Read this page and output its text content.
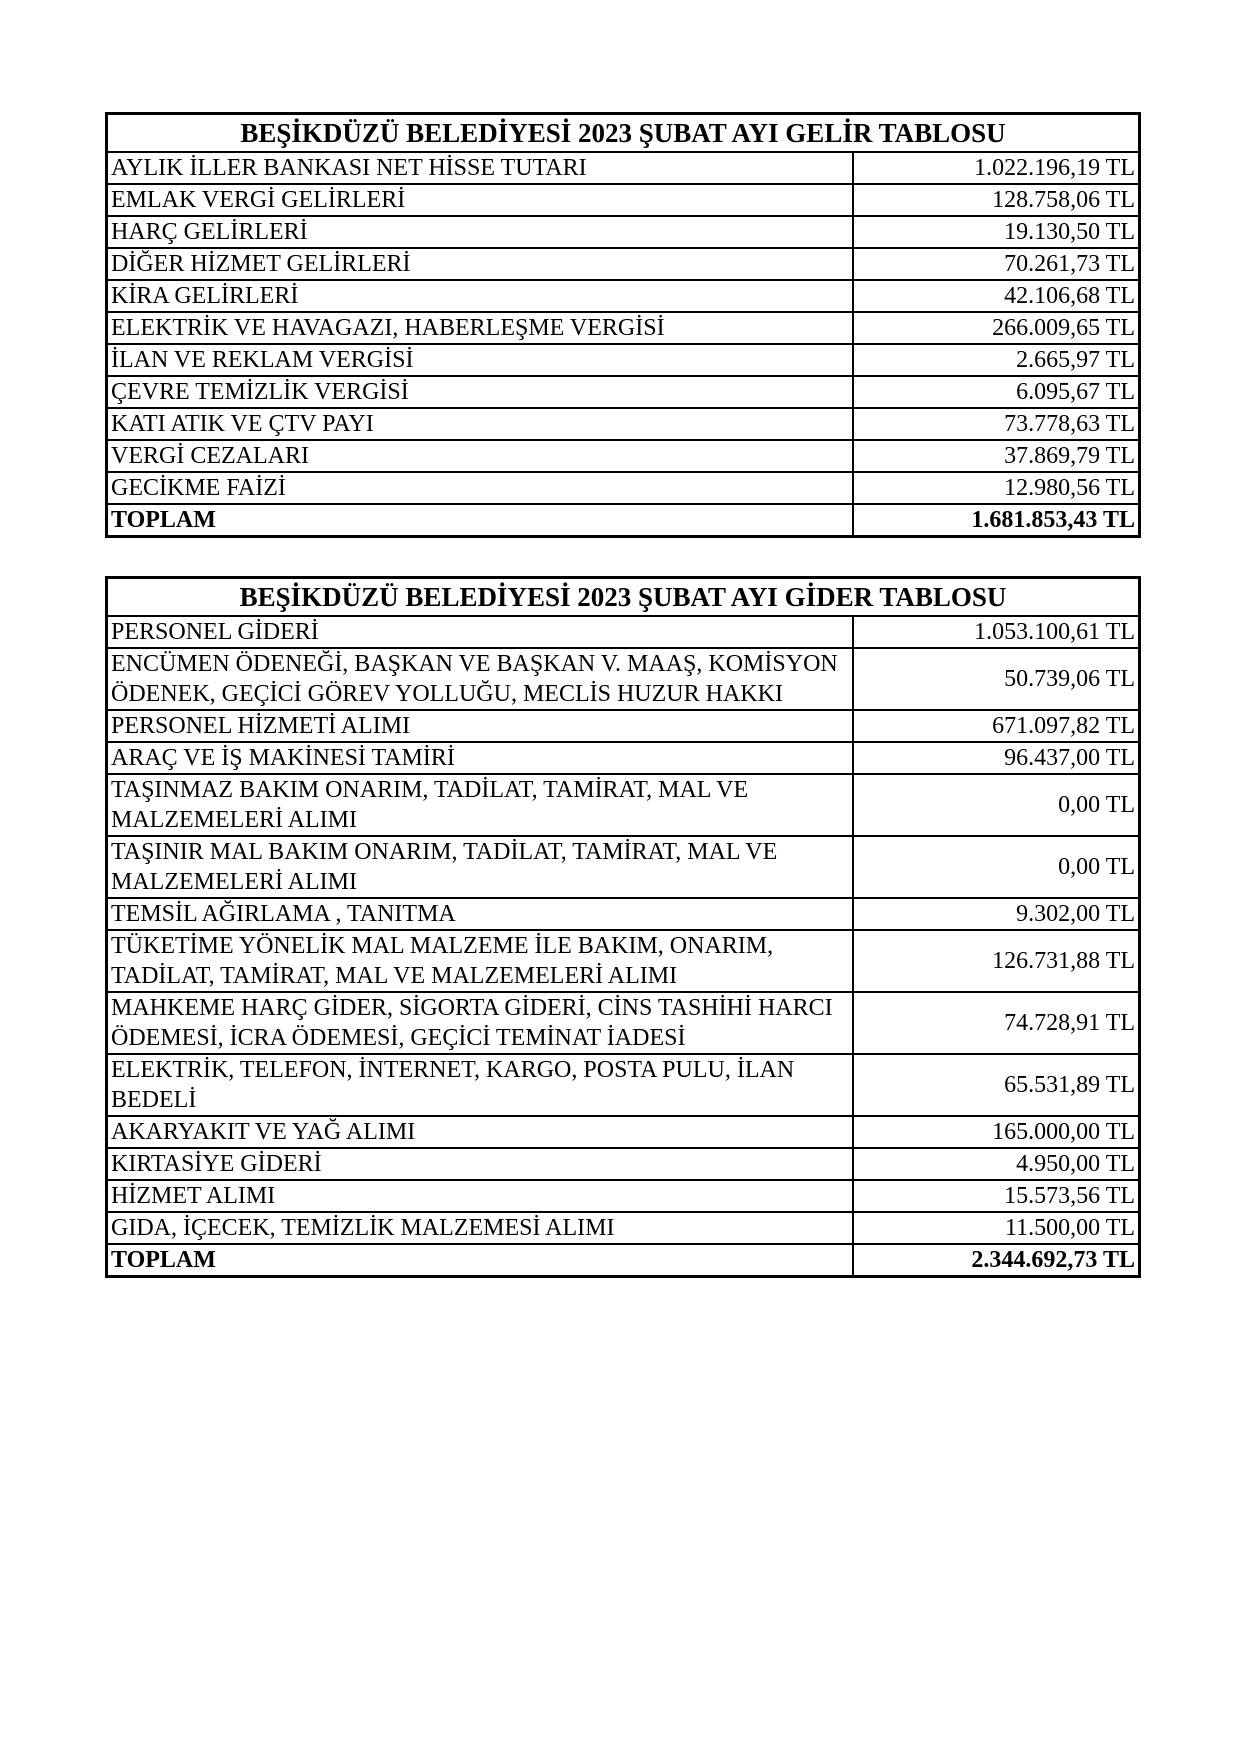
BEŞİKDÜZÜ BELEDİYESİ 2023 ŞUBAT AYI GELİR TABLOSU	
AYLIK İLLER BANKASI NET HİSSE TUTARI	1.022.196,19 TL
EMLAK VERGİ GELİRLERİ	128.758,06 TL
HARÇ GELİRLERİ	19.130,50 TL
DİĞER HİZMET GELİRLERİ	70.261,73 TL
KİRA GELİRLERİ	42.106,68 TL
ELEKTRİK VE HAVAGAZI, HABERLEŞME VERGİSİ	266.009,65 TL
İLAN VE REKLAM VERGİSİ	2.665,97 TL
ÇEVRE TEMİZLİK VERGİSİ	6.095,67 TL
KATI ATIK VE ÇTV PAYI	73.778,63 TL
VERGİ CEZALARI	37.869,79 TL
GECİKME FAİZİ	12.980,56 TL
TOPLAM	1.681.853,43 TL
BEŞİKDÜZÜ BELEDİYESİ 2023 ŞUBAT AYI GİDER TABLOSU	
PERSONEL GİDERİ	1.053.100,61 TL
ENCÜMEN ÖDENEĞİ, BAŞKAN VE BAŞKAN V. MAAŞ, KOMİSYON ÖDENEK, GEÇİCİ GÖREV YOLLUĞU, MECLİS HUZUR HAKKI	50.739,06 TL
PERSONEL HİZMETİ ALIMI	671.097,82 TL
ARAÇ VE İŞ MAKİNESİ TAMİRİ	96.437,00 TL
TAŞINMAZ BAKIM ONARIM, TADİLAT, TAMİRAT, MAL VE MALZEMELERİ ALIMI	0,00 TL
TAŞINIR MAL BAKIM ONARIM, TADİLAT, TAMİRAT, MAL VE MALZEMELERİ ALIMI	0,00 TL
TEMSİL AĞIRLAMA , TANITMA	9.302,00 TL
TÜKETİME YÖNELİK MAL MALZEME İLE BAKIM, ONARIM, TADİLAT, TAMİRAT, MAL VE MALZEMELERİ ALIMI	126.731,88 TL
MAHKEME HARÇ GİDER, SİGORTA GİDERİ, CİNS TASHİHİ HARCI ÖDEMESİ, İCRA ÖDEMESİ, GEÇİCİ TEMİNAT İADESİ	74.728,91 TL
ELEKTRİK, TELEFON, İNTERNET, KARGO, POSTA PULU, İLAN BEDELİ	65.531,89 TL
AKARYAKIT VE YAĞ ALIMI	165.000,00 TL
KIRTASİYE GİDERİ	4.950,00 TL
HİZMET ALIMI	15.573,56 TL
GIDA, İÇECEK, TEMİZLİK MALZEMESİ ALIMI	11.500,00 TL
TOPLAM	2.344.692,73 TL
